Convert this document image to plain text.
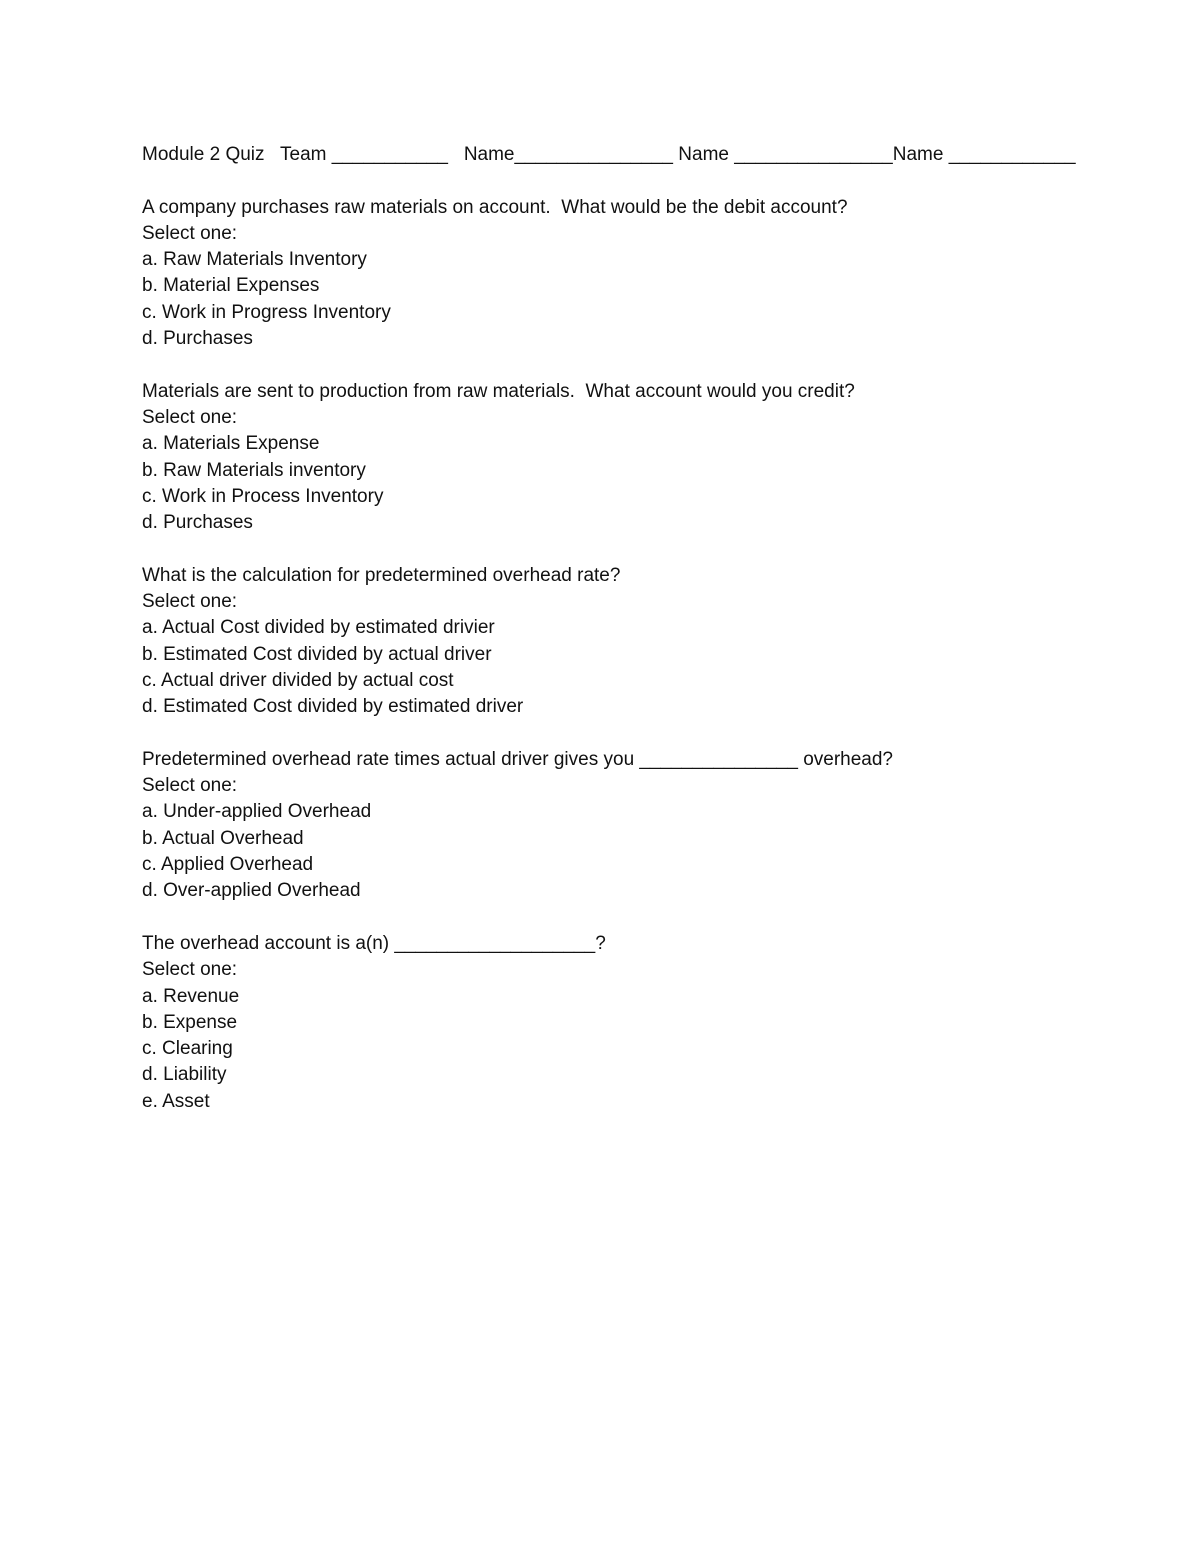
Module 2 Quiz   Team ___________   Name_______________ Name _______________Name ____________
A company purchases raw materials on account.  What would be the debit account?
Select one:
a. Raw Materials Inventory
b. Material Expenses
c. Work in Progress Inventory
d. Purchases
Materials are sent to production from raw materials.  What account would you credit?
Select one:
a. Materials Expense
b. Raw Materials inventory
c. Work in Process Inventory
d. Purchases
What is the calculation for predetermined overhead rate?
Select one:
a. Actual Cost divided by estimated drivier
b. Estimated Cost divided by actual driver
c. Actual driver divided by actual cost
d. Estimated Cost divided by estimated driver
Predetermined overhead rate times actual driver gives you _______________ overhead?
Select one:
a. Under-applied Overhead
b. Actual Overhead
c. Applied Overhead
d. Over-applied Overhead
The overhead account is a(n) ___________________?
Select one:
a. Revenue
b. Expense
c. Clearing
d. Liability
e. Asset
